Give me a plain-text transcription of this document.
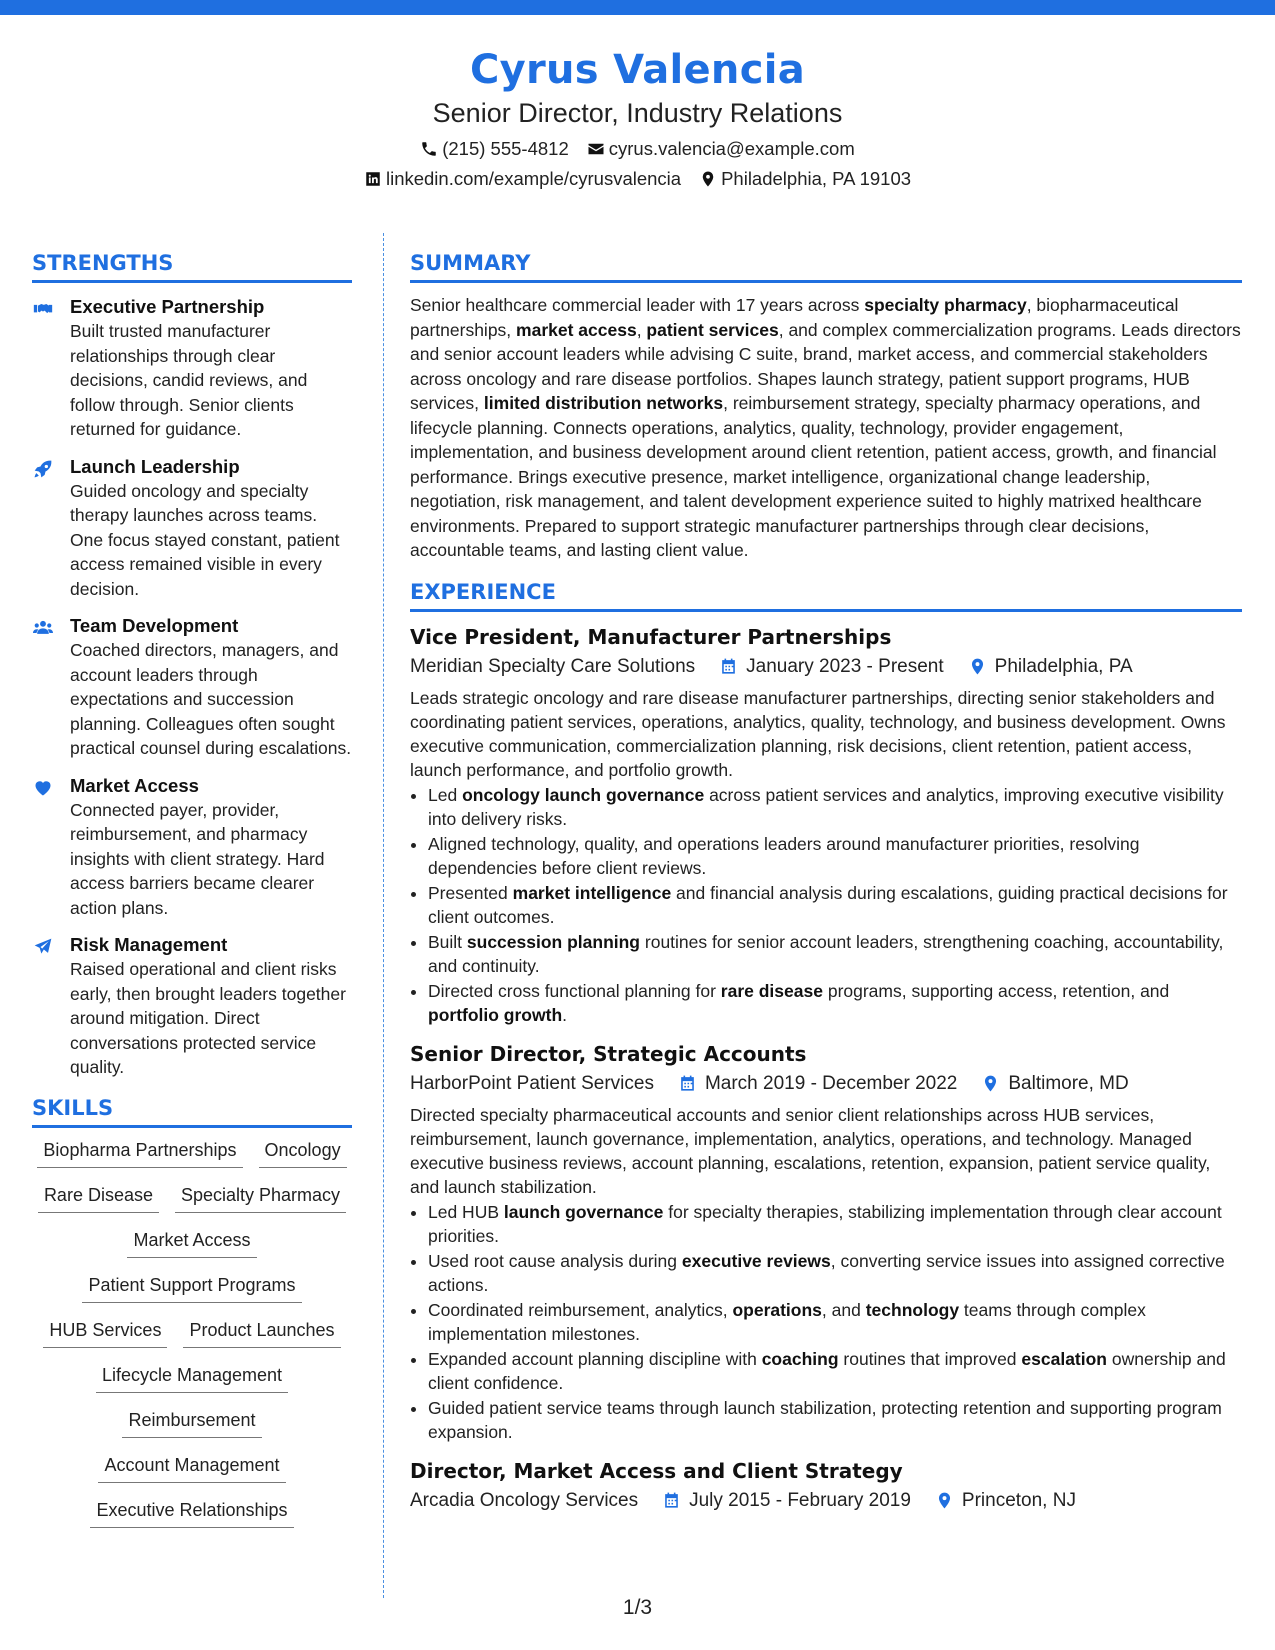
Cyrus Valencia
Senior Director, Industry Relations
(215) 555-4812 cyrus.valencia@example.com
linkedin.com/example/cyrusvalencia Philadelphia, PA 19103
STRENGTHS
Executive Partnership
Built trusted manufacturer relationships through clear decisions, candid reviews, and follow through. Senior clients returned for guidance.
Launch Leadership
Guided oncology and specialty therapy launches across teams. One focus stayed constant, patient access remained visible in every decision.
Team Development
Coached directors, managers, and account leaders through expectations and succession planning. Colleagues often sought practical counsel during escalations.
Market Access
Connected payer, provider, reimbursement, and pharmacy insights with client strategy. Hard access barriers became clearer action plans.
Risk Management
Raised operational and client risks early, then brought leaders together around mitigation. Direct conversations protected service quality.
SKILLS
Biopharma Partnerships	Oncology
Rare Disease	Specialty Pharmacy
Market Access
Patient Support Programs
HUB Services	Product Launches
Lifecycle Management
Reimbursement
Account Management
Executive Relationships
SUMMARY
Senior healthcare commercial leader with 17 years across specialty pharmacy, biopharmaceutical partnerships, market access, patient services, and complex commercialization programs. Leads directors and senior account leaders while advising C suite, brand, market access, and commercial stakeholders across oncology and rare disease portfolios. Shapes launch strategy, patient support programs, HUB services, limited distribution networks, reimbursement strategy, specialty pharmacy operations, and lifecycle planning. Connects operations, analytics, quality, technology, provider engagement, implementation, and business development around client retention, patient access, growth, and financial performance. Brings executive presence, market intelligence, organizational change leadership, negotiation, risk management, and talent development experience suited to highly matrixed healthcare environments. Prepared to support strategic manufacturer partnerships through clear decisions, accountable teams, and lasting client value.
EXPERIENCE
Vice President, Manufacturer Partnerships
Meridian Specialty Care Solutions	January 2023 - Present	Philadelphia, PA
Leads strategic oncology and rare disease manufacturer partnerships, directing senior stakeholders and coordinating patient services, operations, analytics, quality, technology, and business development. Owns executive communication, commercialization planning, risk decisions, client retention, patient access, launch performance, and portfolio growth.
• Led oncology launch governance across patient services and analytics, improving executive visibility into delivery risks.
• Aligned technology, quality, and operations leaders around manufacturer priorities, resolving dependencies before client reviews.
• Presented market intelligence and financial analysis during escalations, guiding practical decisions for client outcomes.
• Built succession planning routines for senior account leaders, strengthening coaching, accountability, and continuity.
• Directed cross functional planning for rare disease programs, supporting access, retention, and portfolio growth.
Senior Director, Strategic Accounts
HarborPoint Patient Services	March 2019 - December 2022	Baltimore, MD
Directed specialty pharmaceutical accounts and senior client relationships across HUB services, reimbursement, launch governance, implementation, analytics, operations, and technology. Managed executive business reviews, account planning, escalations, retention, expansion, patient service quality, and launch stabilization.
• Led HUB launch governance for specialty therapies, stabilizing implementation through clear account priorities.
• Used root cause analysis during executive reviews, converting service issues into assigned corrective actions.
• Coordinated reimbursement, analytics, operations, and technology teams through complex implementation milestones.
• Expanded account planning discipline with coaching routines that improved escalation ownership and client confidence.
• Guided patient service teams through launch stabilization, protecting retention and supporting program expansion.
Director, Market Access and Client Strategy
Arcadia Oncology Services	July 2015 - February 2019	Princeton, NJ
1/3
